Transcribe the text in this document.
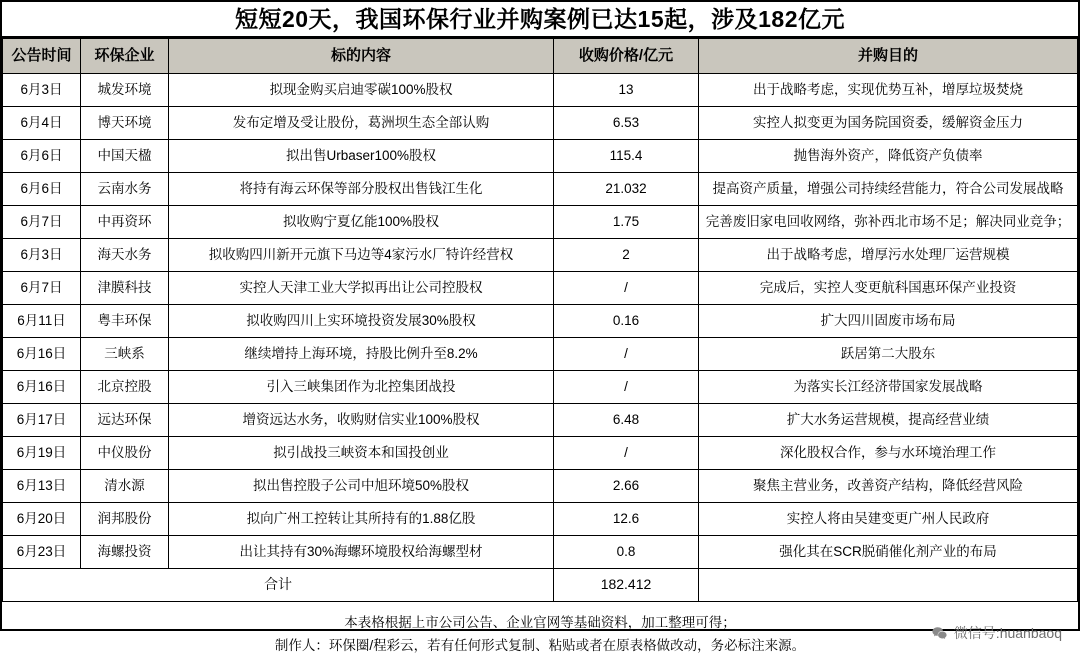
短短20天，我国环保行业并购案例已达15起，涉及182亿元
公告时间	环保企业	标的内容	收购价格/亿元	并购目的
6月3日	城发环境	拟现金购买启迪零碳100%股权	13	出于战略考虑，实现优势互补，增厚垃圾焚烧
6月4日	博天环境	发布定增及受让股份，葛洲坝生态全部认购	6.53	实控人拟变更为国务院国资委，缓解资金压力
6月6日	中国天楹	拟出售Urbaser100%股权	115.4	抛售海外资产，降低资产负债率
6月6日	云南水务	将持有海云环保等部分股权出售钱江生化	21.032	提高资产质量，增强公司持续经营能力，符合公司发展战略
6月7日	中再资环	拟收购宁夏亿能100%股权	1.75	完善废旧家电回收网络，弥补西北市场不足；解决同业竞争；
6月3日	海天水务	拟收购四川新开元旗下马边等4家污水厂特许经营权	2	出于战略考虑，增厚污水处理厂运营规模
6月7日	津膜科技	实控人天津工业大学拟再出让公司控股权	/	完成后，实控人变更航科国惠环保产业投资
6月11日	粤丰环保	拟收购四川上实环境投资发展30%股权	0.16	扩大四川固废市场布局
6月16日	三峡系	继续增持上海环境，持股比例升至8.2%	/	跃居第二大股东
6月16日	北京控股	引入三峡集团作为北控集团战投	/	为落实长江经济带国家发展战略
6月17日	远达环保	增资远达水务，收购财信实业100%股权	6.48	扩大水务运营规模，提高经营业绩
6月19日	中仪股份	拟引战投三峡资本和国投创业	/	深化股权合作，参与水环境治理工作
6月13日	清水源	拟出售控股子公司中旭环境50%股权	2.66	聚焦主营业务，改善资产结构，降低经营风险
6月20日	润邦股份	拟向广州工控转让其所持有的1.88亿股	12.6	实控人将由吴建变更广州人民政府
6月23日	海螺投资	出让其持有30%海螺环境股权给海螺型材	0.8	强化其在SCR脱硝催化剂产业的布局
合计			182.412	
本表格根据上市公司公告、企业官网等基础资料，加工整理可得；
制作人：环保圈/程彩云，若有任何形式复制、粘贴或者在原表格做改动，务必标注来源。
微信号:huanbaoq
